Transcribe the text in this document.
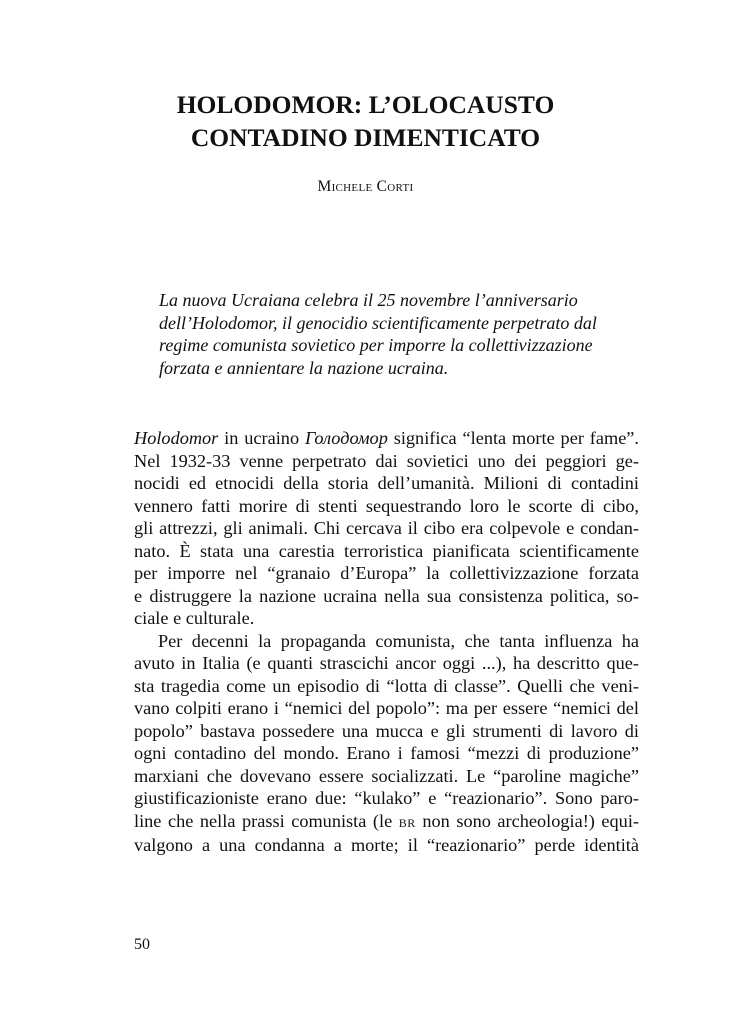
HOLODOMOR: L’OLOCAUSTO
CONTADINO DIMENTICATO
Michele Corti
La nuova Ucraiana celebra il 25 novembre l’anniversario
dell’Holodomor, il genocidio scientificamente perpetrato dal
regime comunista sovietico per imporre la collettivizzazione
forzata e annientare la nazione ucraina.
Holodomor in ucraino Голодомор significa “lenta morte per fame”.
Nel 1932-33 venne perpetrato dai sovietici uno dei peggiori ge-
nocidi ed etnocidi della storia dell’umanità. Milioni di contadini
vennero fatti morire di stenti sequestrando loro le scorte di cibo,
gli attrezzi, gli animali. Chi cercava il cibo era colpevole e condan-
nato. È stata una carestia terroristica pianificata scientificamente
per imporre nel “granaio d’Europa” la collettivizzazione forzata
e distruggere la nazione ucraina nella sua consistenza politica, so-
ciale e culturale.
Per decenni la propaganda comunista, che tanta influenza ha
avuto in Italia (e quanti strascichi ancor oggi ...), ha descritto que-
sta tragedia come un episodio di “lotta di classe”. Quelli che veni-
vano colpiti erano i “nemici del popolo”: ma per essere “nemici del
popolo” bastava possedere una mucca e gli strumenti di lavoro di
ogni contadino del mondo. Erano i famosi “mezzi di produzione”
marxiani che dovevano essere socializzati. Le “paroline magiche”
giustificazioniste erano due: “kulako” e “reazionario”. Sono paro-
line che nella prassi comunista (le BR non sono archeologia!) equi-
valgono a una condanna a morte; il “reazionario” perde identità
50
